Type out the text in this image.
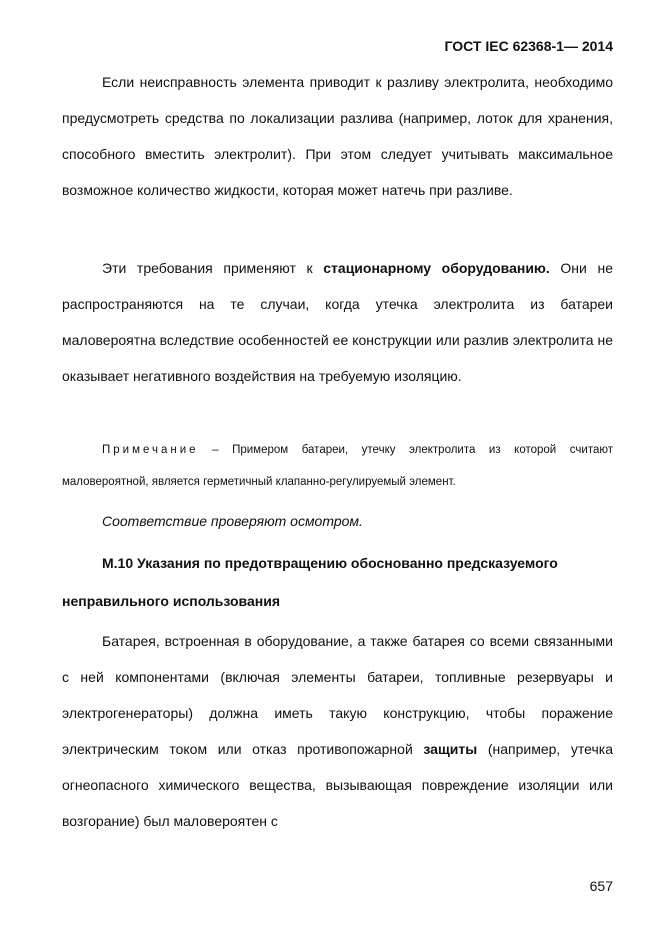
ГОСТ IEC 62368-1— 2014

Если неисправность элемента приводит к разливу электролита, необходимо предусмотреть средства по локализации разлива (например, лоток для хранения, способного вместить электролит). При этом следует учитывать максимальное возможное количество жидкости, которая может натечь при разливе.

Эти требования применяют к стационарному оборудованию. Они не распространяются на те случаи, когда утечка электролита из батареи маловероятна вследствие особенностей ее конструкции или разлив электролита не оказывает негативного воздействия на требуемую изоляцию.

Примечание – Примером батареи, утечку электролита из которой считают маловероятной, является герметичный клапанно-регулируемый элемент.

Соответствие проверяют осмотром.

М.10 Указания по предотвращению обоснованно предсказуемого неправильного использования

Батарея, встроенная в оборудование, а также батарея со всеми связанными с ней компонентами (включая элементы батареи, топливные резервуары и электрогенераторы) должна иметь такую конструкцию, чтобы поражение электрическим током или отказ противопожарной защиты (например, утечка огнеопасного химического вещества, вызывающая повреждение изоляции или возгорание) был маловероятен с

657
